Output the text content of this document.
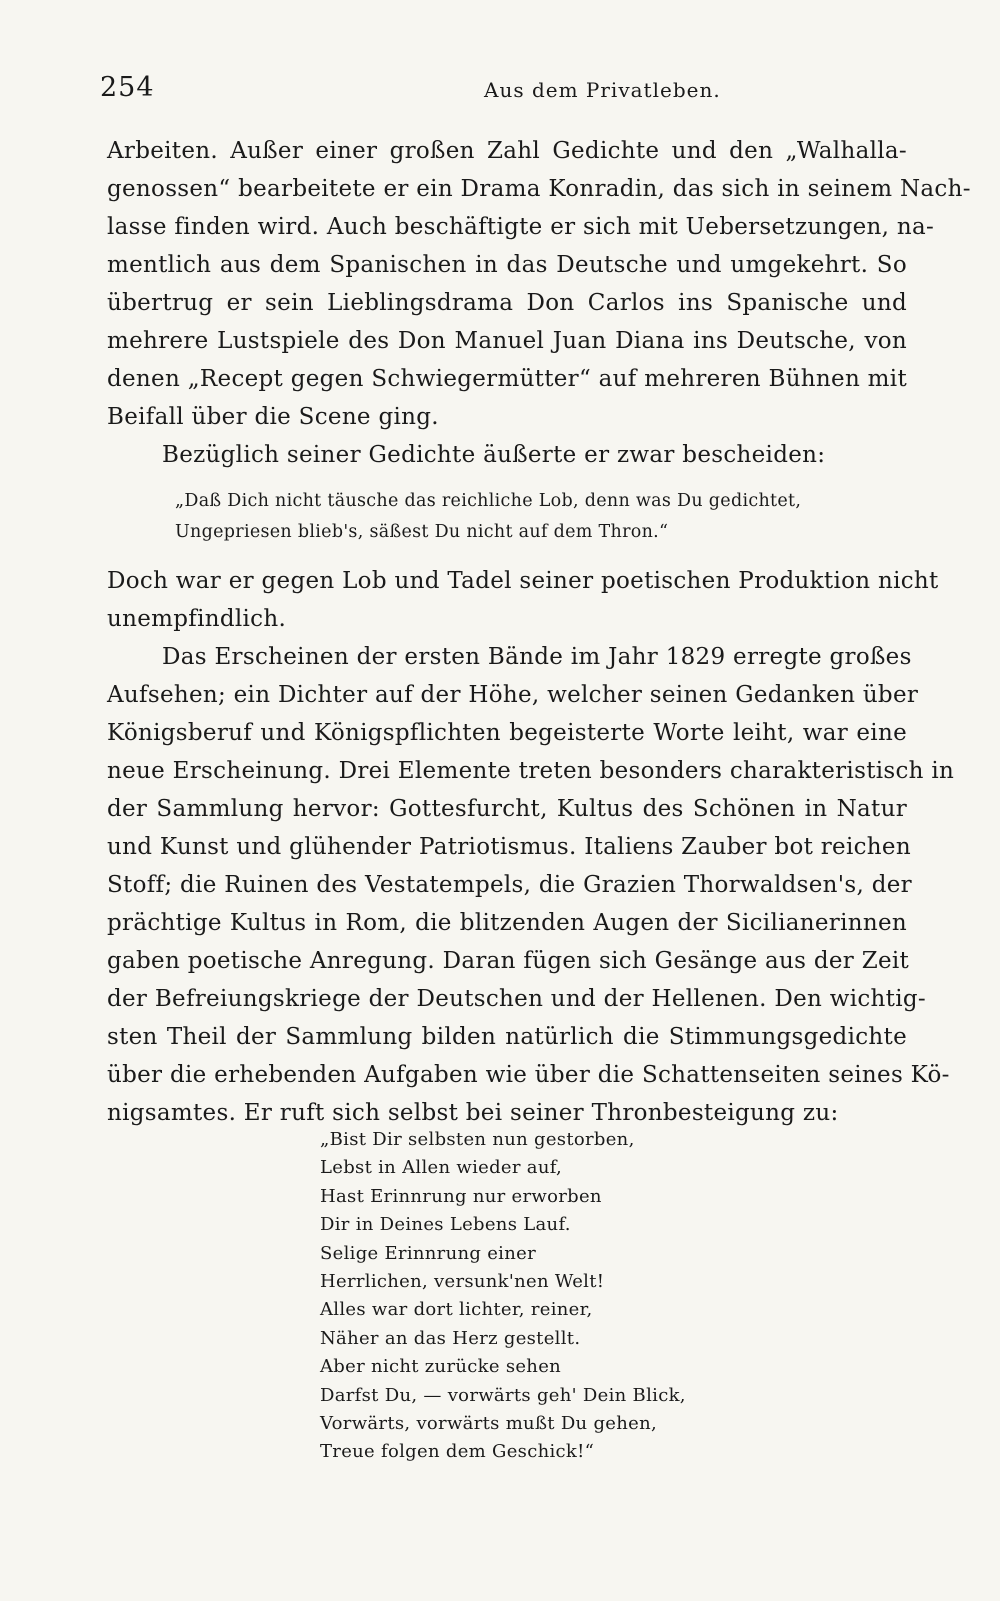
254	Aus dem Privatleben.
Arbeiten. Außer einer großen Zahl Gedichte und den „Walhalla-
genossen“ bearbeitete er ein Drama Konradin, das sich in seinem Nach-
lasse finden wird. Auch beschäftigte er sich mit Uebersetzungen, na-
mentlich aus dem Spanischen in das Deutsche und umgekehrt. So
übertrug er sein Lieblingsdrama Don Carlos ins Spanische und
mehrere Lustspiele des Don Manuel Juan Diana ins Deutsche, von
denen „Recept gegen Schwiegermütter“ auf mehreren Bühnen mit
Beifall über die Scene ging.
Bezüglich seiner Gedichte äußerte er zwar bescheiden:
„Daß Dich nicht täusche das reichliche Lob, denn was Du gedichtet,
Ungepriesen blieb's, säßest Du nicht auf dem Thron.“
Doch war er gegen Lob und Tadel seiner poetischen Produktion nicht
unempfindlich.
Das Erscheinen der ersten Bände im Jahr 1829 erregte großes
Aufsehen; ein Dichter auf der Höhe, welcher seinen Gedanken über
Königsberuf und Königspflichten begeisterte Worte leiht, war eine
neue Erscheinung. Drei Elemente treten besonders charakteristisch in
der Sammlung hervor: Gottesfurcht, Kultus des Schönen in Natur
und Kunst und glühender Patriotismus. Italiens Zauber bot reichen
Stoff; die Ruinen des Vestatempels, die Grazien Thorwaldsen's, der
prächtige Kultus in Rom, die blitzenden Augen der Sicilianerinnen
gaben poetische Anregung. Daran fügen sich Gesänge aus der Zeit
der Befreiungskriege der Deutschen und der Hellenen. Den wichtig-
sten Theil der Sammlung bilden natürlich die Stimmungsgedichte
über die erhebenden Aufgaben wie über die Schattenseiten seines Kö-
nigsamtes. Er ruft sich selbst bei seiner Thronbesteigung zu:
„Bist Dir selbsten nun gestorben,
Lebst in Allen wieder auf,
Hast Erinnrung nur erworben
Dir in Deines Lebens Lauf.
Selige Erinnrung einer
Herrlichen, versunk'nen Welt!
Alles war dort lichter, reiner,
Näher an das Herz gestellt.
Aber nicht zurücke sehen
Darfst Du, — vorwärts geh' Dein Blick,
Vorwärts, vorwärts mußt Du gehen,
Treue folgen dem Geschick!“
